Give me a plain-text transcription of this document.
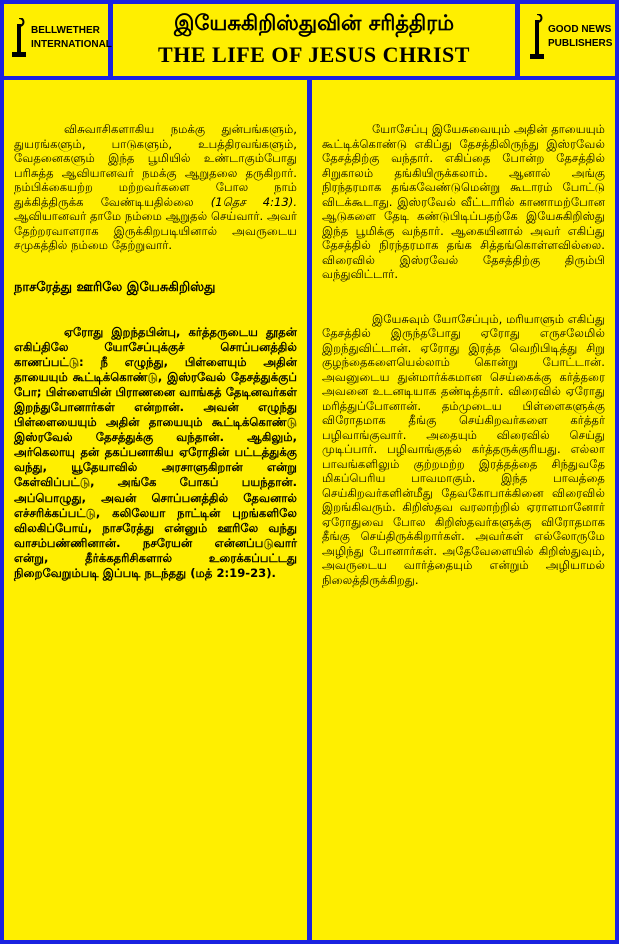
BELLWETHER
INTERNATIONAL
இயேசுகிறிஸ்துவின் சரித்திரம்
THE LIFE OF JESUS CHRIST
GOOD NEWS
PUBLISHERS

விசுவாசிகளாகிய நமக்கு துன்பங்களும், துயரங்களும், பாடுகளும், உபத்திரவங்களும், வேதனைகளும் இந்த பூமியில் உண்டாகும்போது பரிசுத்த ஆவியானவர் நமக்கு ஆறுதலை தருகிறார். நம்பிக்கையற்ற மற்றவர்களை போல நாம் துக்கித்திருக்க வேண்டியதில்லை (1தெச 4:13). ஆவியானவர் தாமே நம்மை ஆறுதல் செய்வார். அவர் தேற்றரவாளராக இருக்கிறபடியினால் அவருடைய சமுகத்தில் நம்மை தேற்றுவார்.

நாசரேத்து ஊரிலே இயேசுகிறிஸ்து

ஏரோது இறந்தபின்பு, கர்த்தருடைய தூதன் எகிப்திலே யோசேப்புக்குச் சொப்பனத்தில் காணப்பட்டு: நீ எழுந்து, பிள்ளையும் அதின் தாயையும் கூட்டிக்கொண்டு, இஸ்ரவேல் தேசத்துக்குப் போ; பிள்ளையின் பிராணனை வாங்கத் தேடினவர்கள் இறந்துபோனார்கள் என்றான். அவன் எழுந்து பிள்ளையையும் அதின் தாயையும் கூட்டிக்கொண்டு இஸ்ரவேல் தேசத்துக்கு வந்தான். ஆகிலும், அர்கெலாயு தன் தகப்பனாகிய ஏரோதின் பட்டத்துக்கு வந்து, யூதேயாவில் அரசாளுகிறான் என்று கேள்விப்பட்டு, அங்கே போகப் பயந்தான். அப்பொழுது, அவன் சொப்பனத்தில் தேவனால் எச்சரிக்கப்பட்டு, கலிலேயா நாட்டின் புறங்களிலே விலகிப்போய், நாசரேத்து என்னும் ஊரிலே வந்து வாசம்பண்ணினான். நசரேயன் என்னப்படுவார் என்று, தீர்க்கதரிசிகளால் உரைக்கப்பட்டது நிறைவேறும்படி இப்படி நடந்தது (மத் 2:19-23).

யோசேப்பு இயேசுவையும் அதின் தாயையும் கூட்டிக்கொண்டு எகிப்து தேசத்திலிருந்து இஸ்ரவேல் தேசத்திற்கு வந்தார். எகிப்தை போன்ற தேசத்தில் சிறுகாலம் தங்கியிருக்கலாம். ஆனால் அங்கு நிரந்தரமாக தங்கவேண்டுமென்று கூடாரம் போட்டு விடக்கூடாது. இஸ்ரவேல் வீட்டாரில் காணாமற்போன ஆடுகளை தேடி கண்டுபிடிப்பதற்கே இயேசுகிறிஸ்து இந்த பூமிக்கு வந்தார். ஆகையினால் அவர் எகிப்து தேசத்தில் நிரந்தரமாக தங்க சித்தங்கொள்ளவில்லை. விரைவில் இஸ்ரவேல் தேசத்திற்கு திரும்பி வந்துவிட்டார்.

இயேசுவும் யோசேப்பும், மரியாளும் எகிப்து தேசத்தில் இருந்தபோது ஏரோது எருசலேமில் இறந்துவிட்டான். ஏரோது இரத்த வெறிபிடித்து சிறு குழந்தைகளையெல்லாம் கொன்று போட்டான். அவனுடைய துன்மார்க்கமான செய்கைக்கு கர்த்தரை அவனை உடனடியாக தண்டித்தார். விரைவில் ஏரோது மரித்துப்போனான். தம்முடைய பிள்ளைகளுக்கு விரோதமாக தீங்கு செய்கிறவர்களை கர்த்தர் பழிவாங்குவார். அதையும் விரைவில் செய்து முடிப்பார். பழிவாங்குதல் கர்த்தருக்குரியது. எல்லா பாவங்களிலும் குற்றமற்ற இரத்தத்தை சிந்துவதே மிகப்பெரிய பாவமாகும். இந்த பாவத்தை செய்கிறவர்களின்மீது தேவகோபாக்கினை விரைவில் இறங்கிவரும். கிறிஸ்தவ வரலாற்றில் ஏராளமானோர் ஏரோதுவை போல கிறிஸ்தவர்களுக்கு விரோதமாக தீங்கு செய்திருக்கிறார்கள். அவர்கள் எல்லோருமே அழிந்து போனார்கள். அதேவேளையில் கிறிஸ்துவும், அவருடைய வார்த்தையும் என்றும் அழியாமல் நிலைத்திருக்கிறது.
